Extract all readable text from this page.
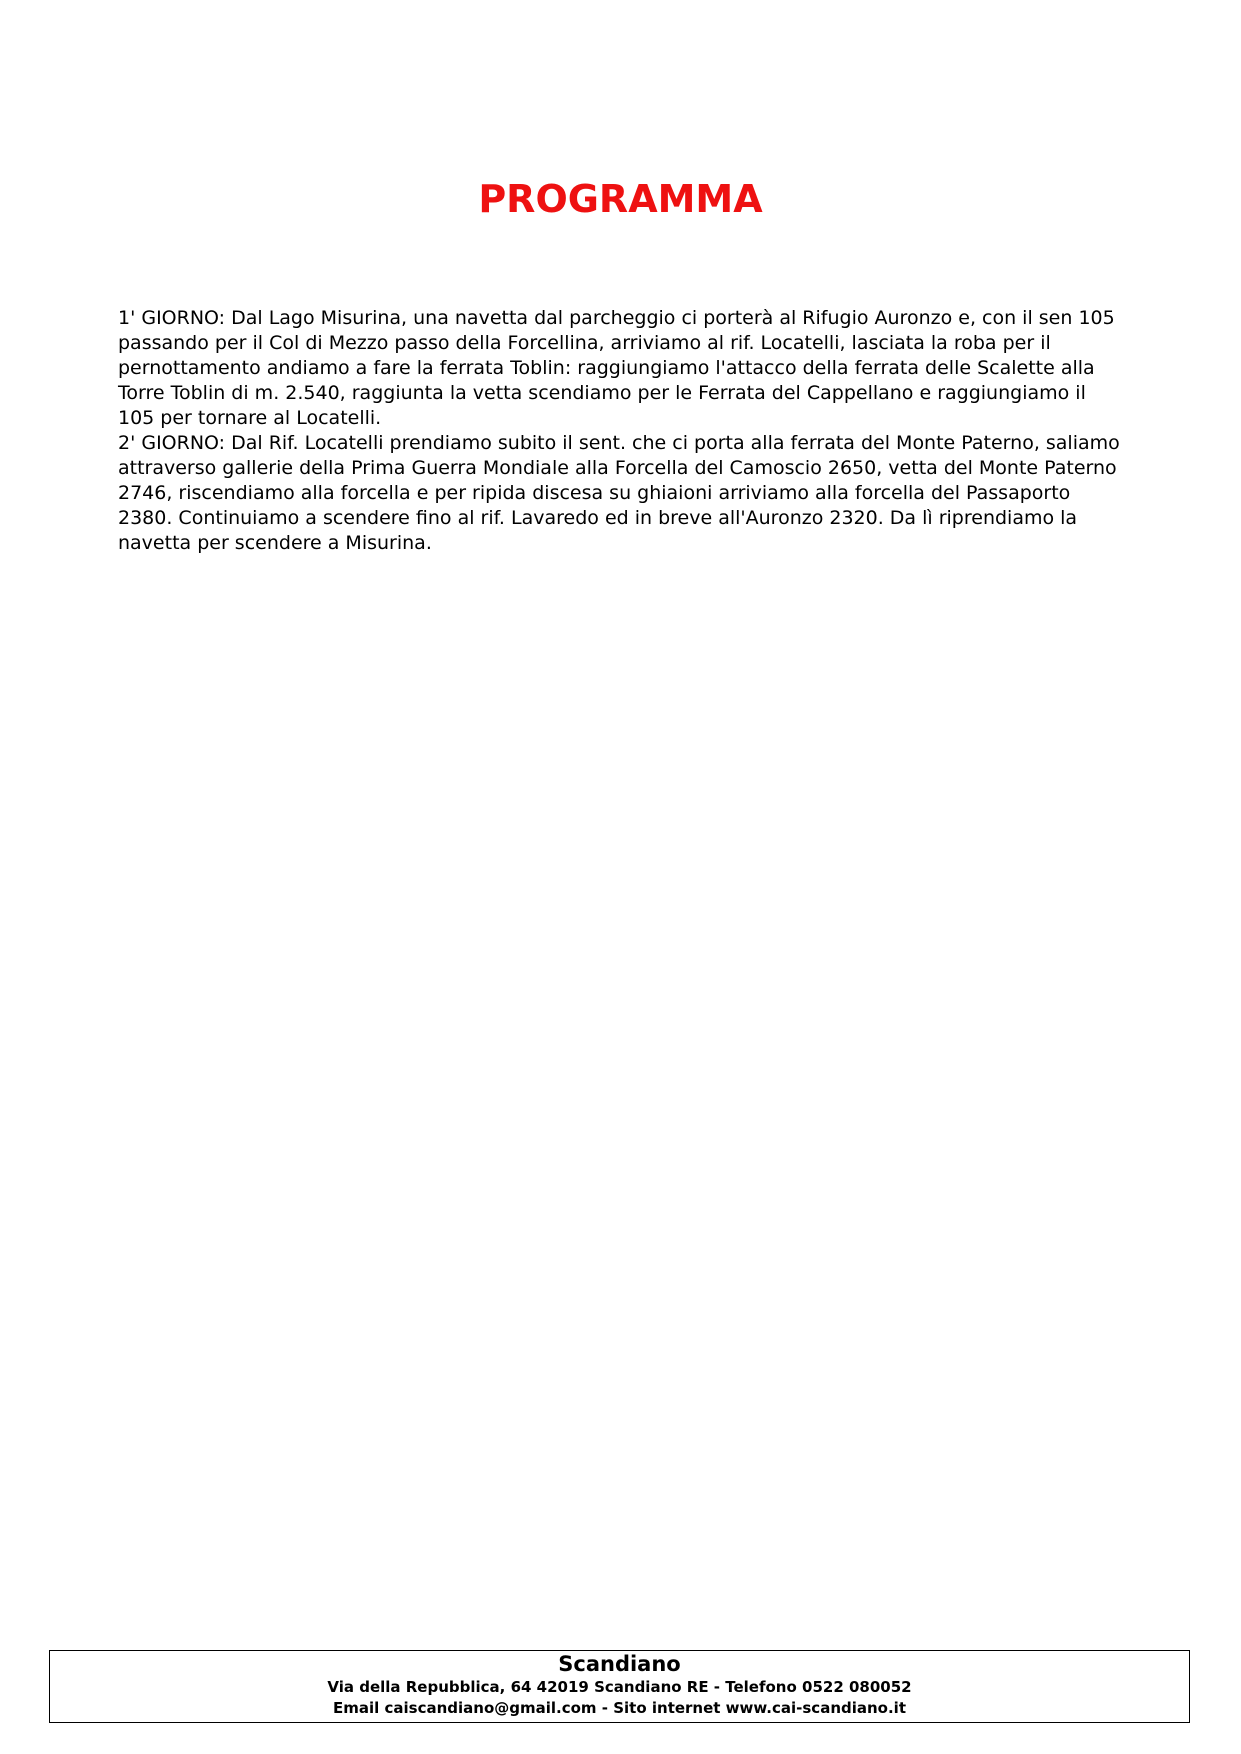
PROGRAMMA

1' GIORNO: Dal Lago Misurina, una navetta dal parcheggio ci porterà al Rifugio Auronzo e, con il sen 105 passando per il Col di Mezzo passo della Forcellina, arriviamo al rif. Locatelli, lasciata la roba per il pernottamento andiamo a fare la ferrata Toblin: raggiungiamo l'attacco della ferrata delle Scalette alla Torre Toblin di m. 2.540, raggiunta la vetta scendiamo per le Ferrata del Cappellano e raggiungiamo il 105 per tornare al Locatelli.

2' GIORNO: Dal Rif. Locatelli prendiamo subito il sent. che ci porta alla ferrata del Monte Paterno, saliamo attraverso gallerie della Prima Guerra Mondiale alla Forcella del Camoscio 2650, vetta del Monte Paterno 2746, riscendiamo alla forcella e per ripida discesa su ghiaioni arriviamo alla forcella del Passaporto 2380. Continuiamo a scendere fino al rif. Lavaredo ed in breve all'Auronzo 2320. Da lì riprendiamo la navetta per scendere a Misurina.

Scandiano
Via della Repubblica, 64 42019 Scandiano RE - Telefono 0522 080052
Email caiscandiano@gmail.com - Sito internet www.cai-scandiano.it
